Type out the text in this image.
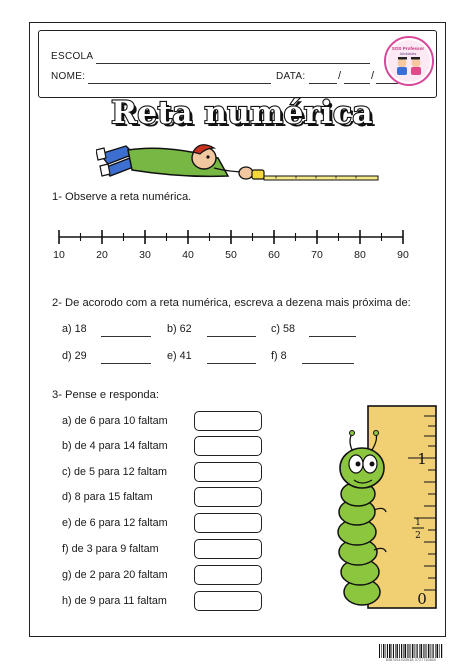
ESCOLA
NOME:	DATA:	/	/
SOS Professor
Atividades
Reta numérica
1- Observe a reta numérica.
10	20	30	40	50	60	70	80	90
2- De acorodo com a reta numérica, escreva a dezena mais próxima de:
a) 18	b) 62	c) 58
d) 29	e) 41	f) 8
3- Pense e responda:
a) de 6 para 10 faltam
b) de 4 para 14 faltam
c) de 5 para 12 faltam
d) 8 para 15 faltam
e) de 6 para 12 faltam
f) de 3 para 9 faltam
g) de 2 para 20 faltam
h) de 9 para 11 faltam
1
1
2
0
6387051933538 3727730800
